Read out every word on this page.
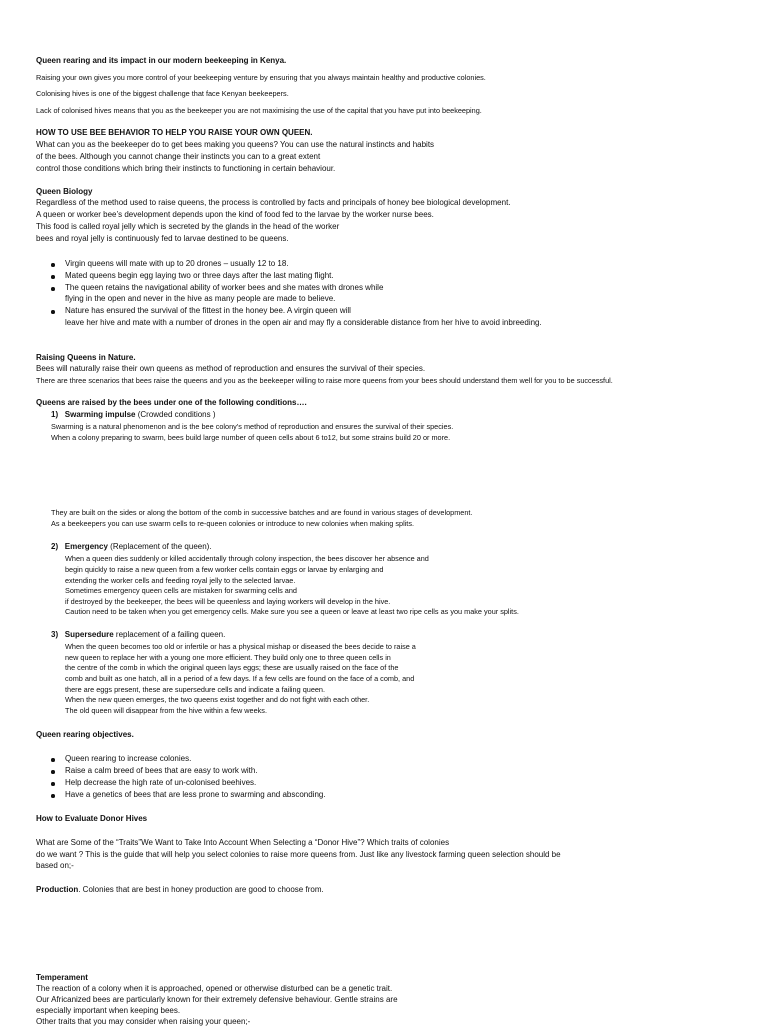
Queen rearing and its impact in our modern beekeeping in Kenya.
Raising your own gives you more control of your beekeeping venture by ensuring that you always maintain healthy and productive colonies.
Colonising hives is one of the biggest challenge that face Kenyan beekeepers.
Lack of colonised hives means that you as the beekeeper you are not maximising the use of the capital that you have put into beekeeping.
HOW TO USE BEE BEHAVIOR TO HELP YOU RAISE YOUR OWN QUEEN.
What can you as the beekeeper do to get bees making you queens? You can use the natural instincts and habits
of the bees. Although you cannot change their instincts you can to a great extent
control those conditions which bring their instincts to functioning in certain behaviour.
Queen Biology
Regardless of the method used to raise queens, the process is controlled by facts and principals of honey bee biological development.
A queen or worker bee’s development depends upon the kind of food fed to the larvae by the worker nurse bees.
This food is called royal jelly which is secreted by the glands in the head of the worker
bees and royal jelly is continuously fed to larvae destined to be queens.
Virgin queens will mate with up to 20 drones – usually 12 to 18.
Mated queens begin egg laying two or three days after the last mating flight.
The queen retains the navigational ability of worker bees and she mates with drones while
flying in the open and never in the hive as many people are made to believe.
Nature has ensured the survival of the fittest in the honey bee. A virgin queen will
leave her hive and mate with a number of drones in the open air and may fly a considerable distance from her hive to avoid inbreeding.
Raising Queens in Nature.
Bees will naturally raise their own queens as method of reproduction and ensures the survival of their species.
There are three scenarios that bees raise the queens and you as the beekeeper willing to raise more queens from your bees should understand them well for you to be successful.
Queens are raised by the bees under one of the following conditions….
1) Swarming impulse (Crowded conditions )
Swarming is a natural phenomenon and is the bee colony’s method of reproduction and ensures the survival of their species.
When a colony preparing to swarm, bees build large number of queen cells about 6 to12, but some strains build 20 or more.
They are built on the sides or along the bottom of the comb in successive batches and are found in various stages of development.
As a beekeepers you can use swarm cells to re-queen colonies or introduce to new colonies when making splits.
2) Emergency (Replacement of the queen).
When a queen dies suddenly or killed accidentally through colony inspection, the bees discover her absence and
begin quickly to raise a new queen from a few worker cells contain eggs or larvae by enlarging and
extending the worker cells and feeding royal jelly to the selected larvae.
Sometimes emergency queen cells are mistaken for swarming cells and
if destroyed by the beekeeper, the bees will be queenless and laying workers will develop in the hive.
Caution need to be taken when you get emergency cells. Make sure you see a queen or leave at least two ripe cells as you make your splits.
3) Supersedure replacement of a failing queen.
When the queen becomes too old or infertile or has a physical mishap or diseased the bees decide to raise a
new queen to replace her with a young one more efficient. They build only one to three queen cells in
the centre of the comb in which the original queen lays eggs; these are usually raised on the face of the
comb and built as one hatch, all in a period of a few days. If a few cells are found on the face of a comb, and
there are eggs present, these are supersedure cells and indicate a failing queen.
When the new queen emerges, the two queens exist together and do not fight with each other.
The old queen will disappear from the hive within a few weeks.
Queen rearing objectives.
Queen rearing to increase colonies.
Raise a calm breed of bees that are easy to work with.
Help decrease the high rate of un-colonised beehives.
Have a genetics of bees that are less prone to swarming and absconding.
How to Evaluate Donor Hives
What are Some of the “Traits”We Want to Take Into Account When Selecting a “Donor Hive”? Which traits of colonies
do we want ? This is the guide that will help you select colonies to raise more queens from. Just like any livestock farming queen selection should be
based on;-
Production. Colonies that are best in honey production are good to choose from.
Temperament
The reaction of a colony when it is approached, opened or otherwise disturbed can be a genetic trait.
Our Africanized bees are particularly known for their extremely defensive behaviour. Gentle strains are
especially important when keeping bees.
Other traits that you may consider when raising your queen;-
